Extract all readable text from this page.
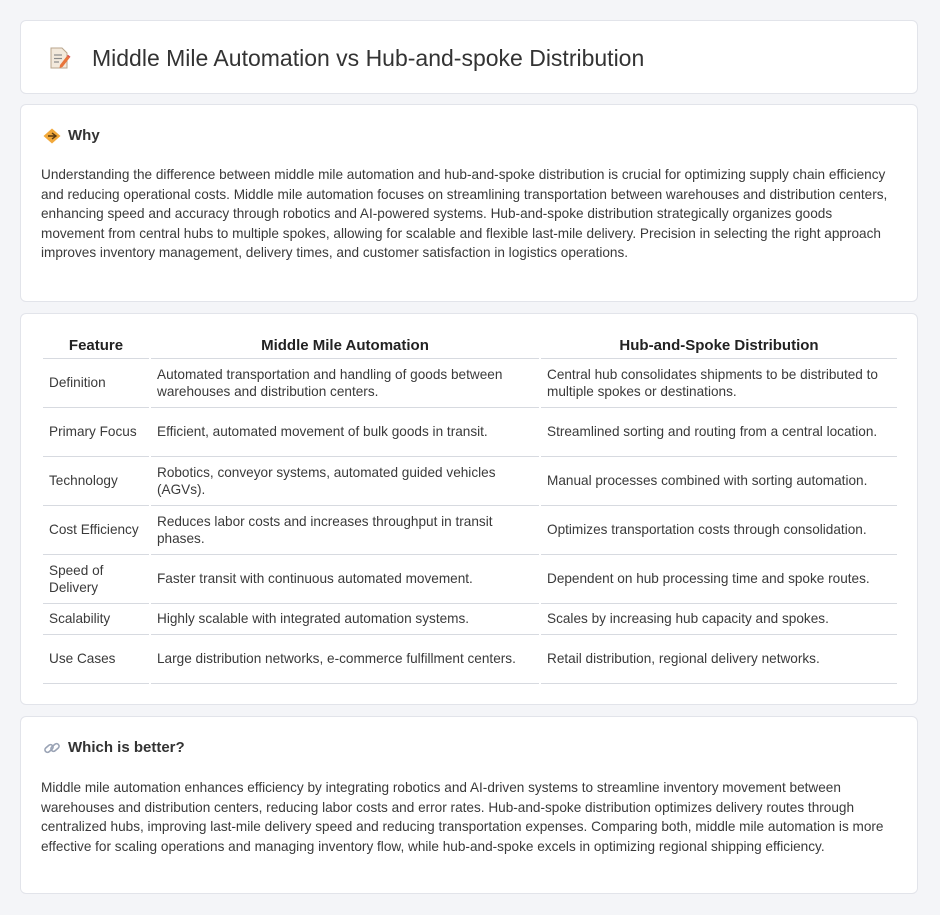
Middle Mile Automation vs Hub-and-spoke Distribution
Why

Understanding the difference between middle mile automation and hub-and-spoke distribution is crucial for optimizing supply chain efficiency and reducing operational costs. Middle mile automation focuses on streamlining transportation between warehouses and distribution centers, enhancing speed and accuracy through robotics and AI-powered systems. Hub-and-spoke distribution strategically organizes goods movement from central hubs to multiple spokes, allowing for scalable and flexible last-mile delivery. Precision in selecting the right approach improves inventory management, delivery times, and customer satisfaction in logistics operations.

Feature	Middle Mile Automation	Hub-and-Spoke Distribution
Definition	Automated transportation and handling of goods between warehouses and distribution centers.	Central hub consolidates shipments to be distributed to multiple spokes or destinations.
Primary Focus	Efficient, automated movement of bulk goods in transit.	Streamlined sorting and routing from a central location.
Technology	Robotics, conveyor systems, automated guided vehicles (AGVs).	Manual processes combined with sorting automation.
Cost Efficiency	Reduces labor costs and increases throughput in transit phases.	Optimizes transportation costs through consolidation.
Speed of Delivery	Faster transit with continuous automated movement.	Dependent on hub processing time and spoke routes.
Scalability	Highly scalable with integrated automation systems.	Scales by increasing hub capacity and spokes.
Use Cases	Large distribution networks, e-commerce fulfillment centers.	Retail distribution, regional delivery networks.
Which is better?

Middle mile automation enhances efficiency by integrating robotics and AI-driven systems to streamline inventory movement between warehouses and distribution centers, reducing labor costs and error rates. Hub-and-spoke distribution optimizes delivery routes through centralized hubs, improving last-mile delivery speed and reducing transportation expenses. Comparing both, middle mile automation is more effective for scaling operations and managing inventory flow, while hub-and-spoke excels in optimizing regional shipping efficiency.
